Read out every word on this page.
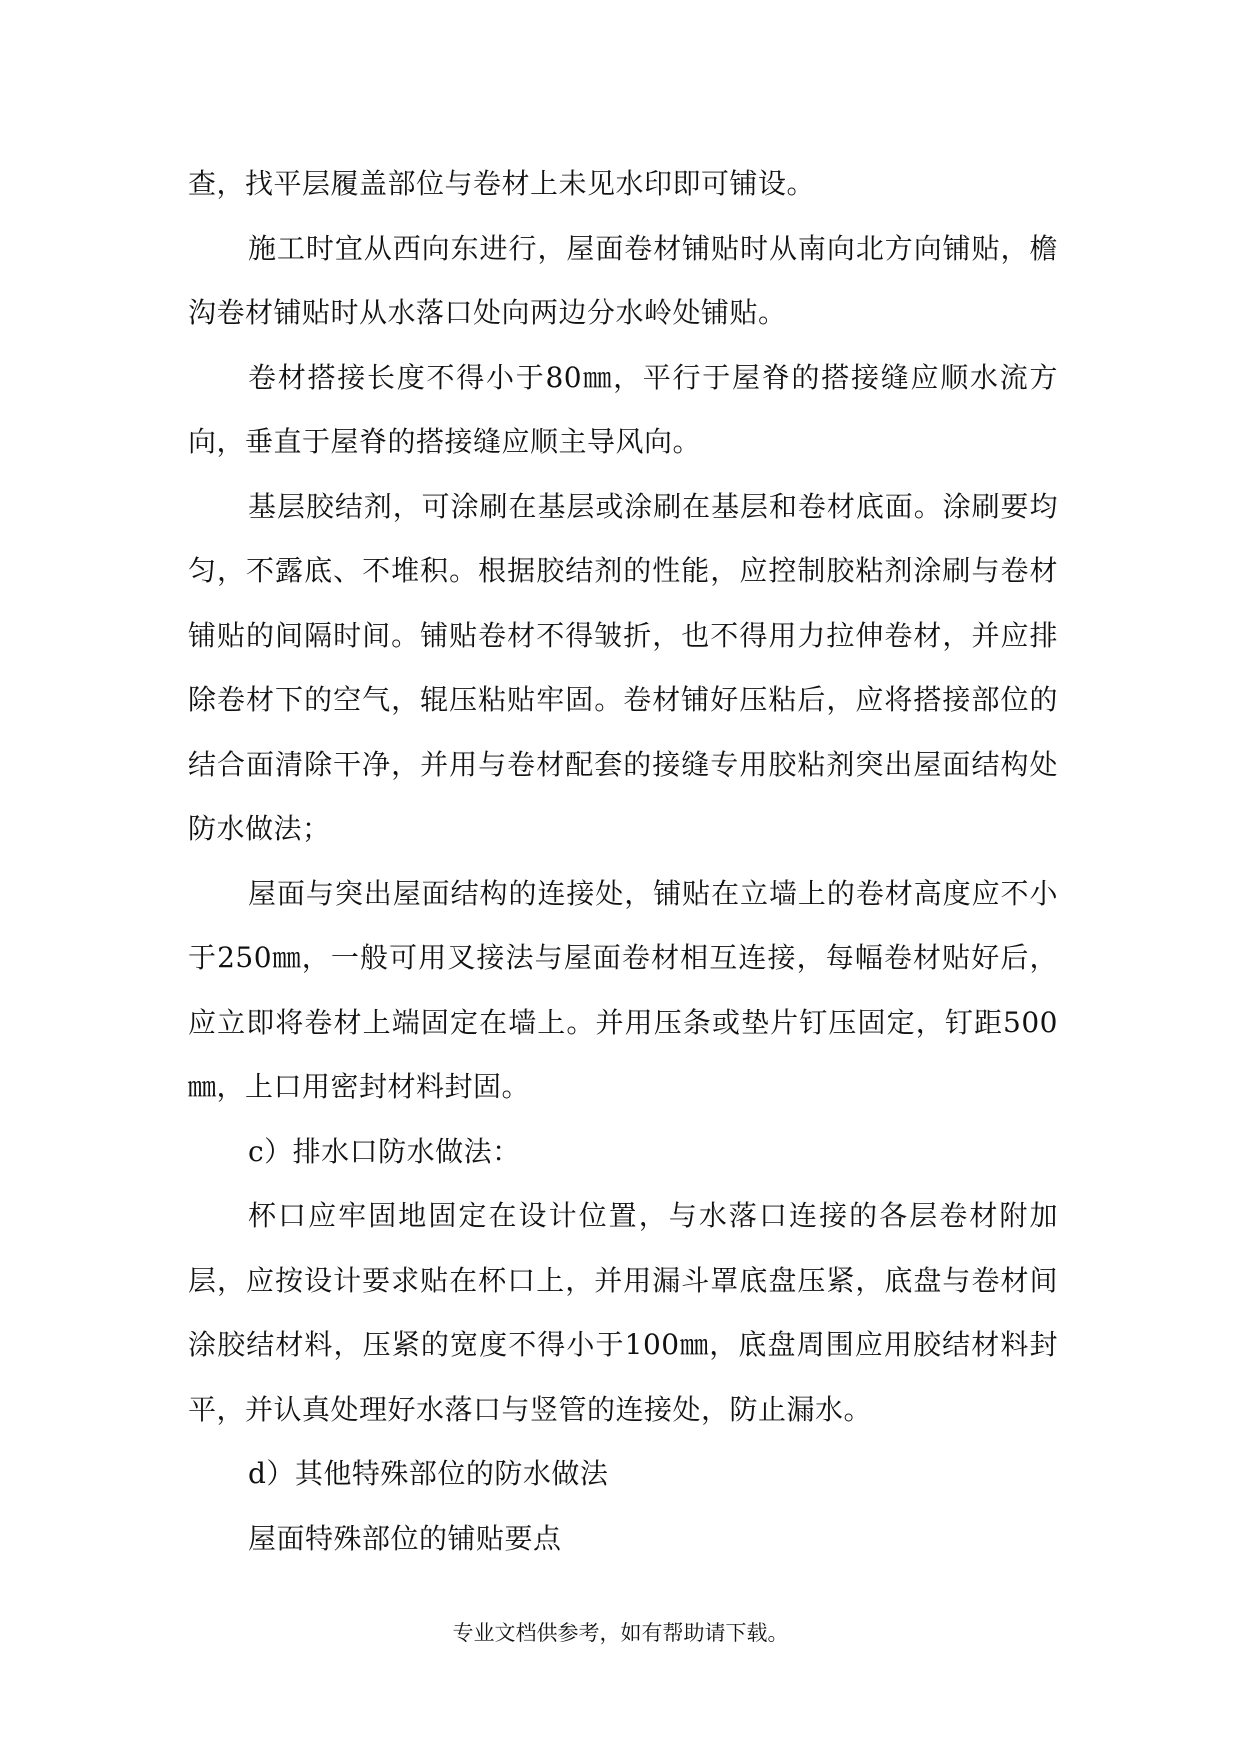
查，找平层履盖部位与卷材上未见水印即可铺设。

施工时宜从西向东进行，屋面卷材铺贴时从南向北方向铺贴，檐沟卷材铺贴时从水落口处向两边分水岭处铺贴。

卷材搭接长度不得小于80㎜，平行于屋脊的搭接缝应顺水流方向，垂直于屋脊的搭接缝应顺主导风向。

基层胶结剂，可涂刷在基层或涂刷在基层和卷材底面。涂刷要均匀，不露底、不堆积。根据胶结剂的性能，应控制胶粘剂涂刷与卷材铺贴的间隔时间。铺贴卷材不得皱折，也不得用力拉伸卷材，并应排除卷材下的空气，辊压粘贴牢固。卷材铺好压粘后，应将搭接部位的结合面清除干净，并用与卷材配套的接缝专用胶粘剂突出屋面结构处防水做法；

屋面与突出屋面结构的连接处，铺贴在立墙上的卷材高度应不小于250㎜，一般可用叉接法与屋面卷材相互连接，每幅卷材贴好后，应立即将卷材上端固定在墙上。并用压条或垫片钉压固定，钉距500㎜，上口用密封材料封固。

c）排水口防水做法：

杯口应牢固地固定在设计位置，与水落口连接的各层卷材附加层，应按设计要求贴在杯口上，并用漏斗罩底盘压紧，底盘与卷材间涂胶结材料，压紧的宽度不得小于100㎜，底盘周围应用胶结材料封平，并认真处理好水落口与竖管的连接处，防止漏水。

d）其他特殊部位的防水做法

屋面特殊部位的铺贴要点

专业文档供参考，如有帮助请下载。
